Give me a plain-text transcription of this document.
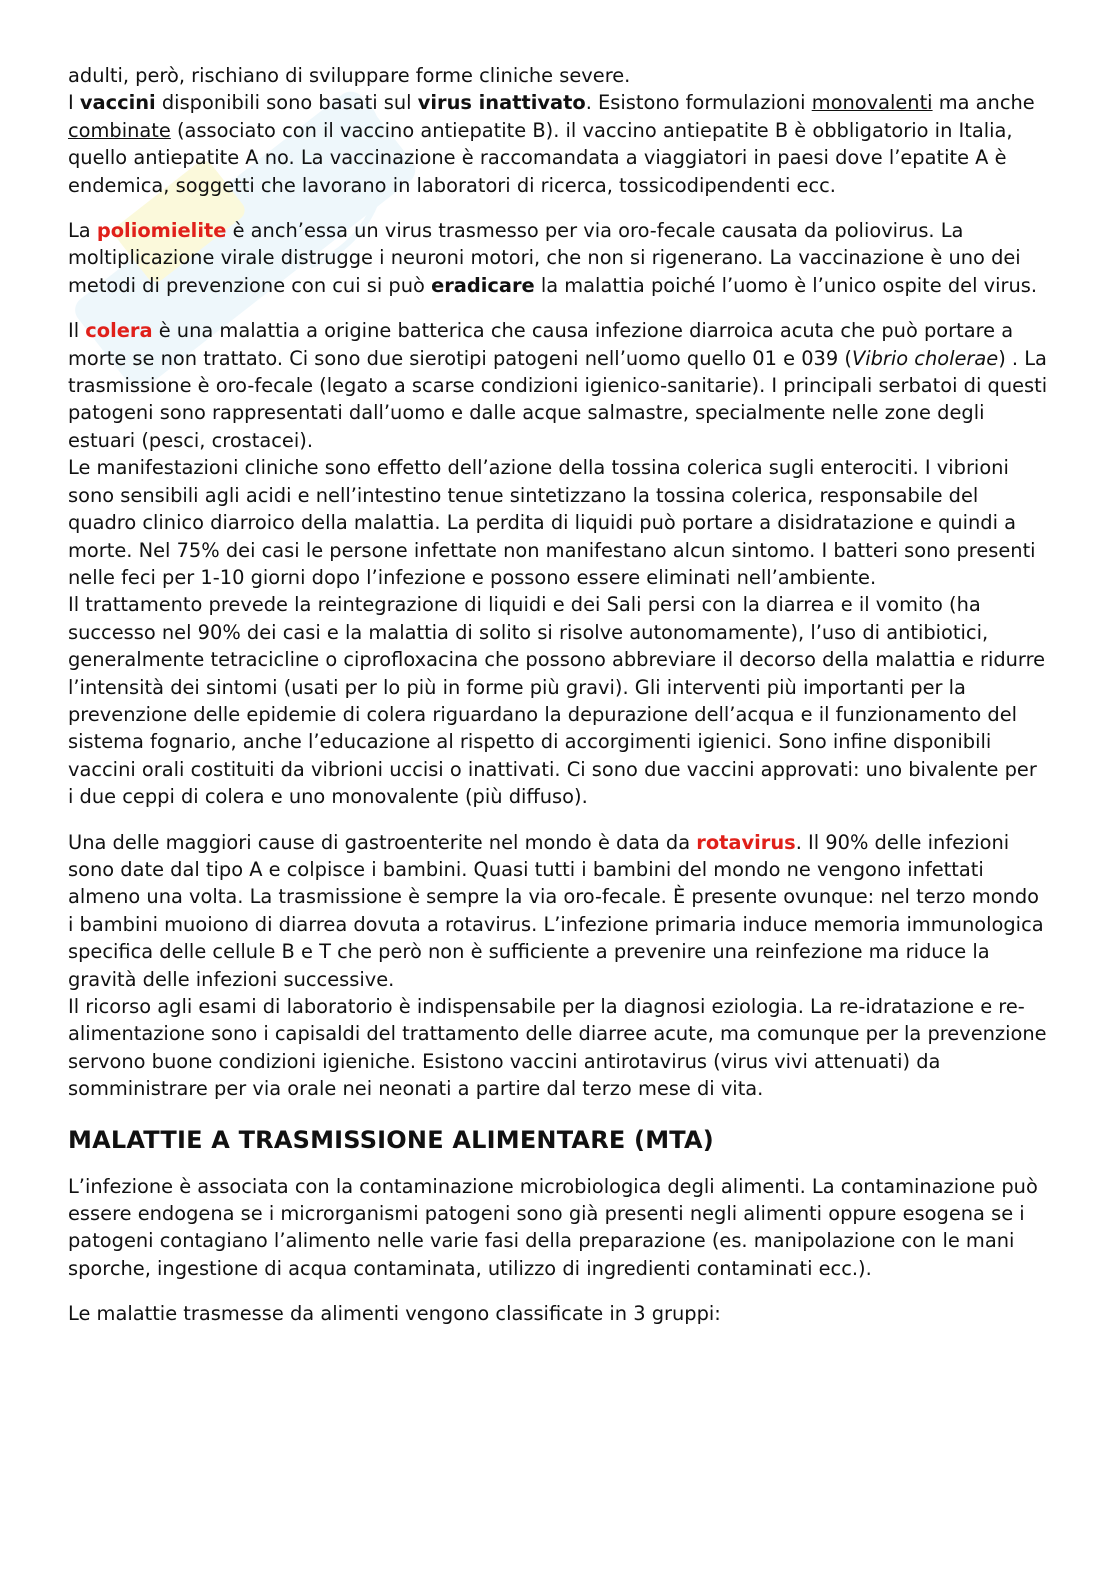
adulti, però, rischiano di sviluppare forme cliniche severe.

I vaccini disponibili sono basati sul virus inattivato. Esistono formulazioni monovalenti ma anche combinate (associato con il vaccino antiepatite B). il vaccino antiepatite B è obbligatorio in Italia, quello antiepatite A no. La vaccinazione è raccomandata a viaggiatori in paesi dove l’epatite A è endemica, soggetti che lavorano in laboratori di ricerca, tossicodipendenti ecc.

La poliomielite è anch’essa un virus trasmesso per via oro-fecale causata da poliovirus. La moltiplicazione virale distrugge i neuroni motori, che non si rigenerano. La vaccinazione è uno dei metodi di prevenzione con cui si può eradicare la malattia poiché l’uomo è l’unico ospite del virus.

Il colera è una malattia a origine batterica che causa infezione diarroica acuta che può portare a morte se non trattato. Ci sono due sierotipi patogeni nell’uomo quello 01 e 039 (Vibrio cholerae) . La trasmissione è oro-fecale (legato a scarse condizioni igienico-sanitarie). I principali serbatoi di questi patogeni sono rappresentati dall’uomo e dalle acque salmastre, specialmente nelle zone degli estuari (pesci, crostacei).

Le manifestazioni cliniche sono effetto dell’azione della tossina colerica sugli enterociti. I vibrioni sono sensibili agli acidi e nell’intestino tenue sintetizzano la tossina colerica, responsabile del quadro clinico diarroico della malattia. La perdita di liquidi può portare a disidratazione e quindi a morte. Nel 75% dei casi le persone infettate non manifestano alcun sintomo. I batteri sono presenti nelle feci per 1-10 giorni dopo l’infezione e possono essere eliminati nell’ambiente.

Il trattamento prevede la reintegrazione di liquidi e dei Sali persi con la diarrea e il vomito (ha successo nel 90% dei casi e la malattia di solito si risolve autonomamente), l’uso di antibiotici, generalmente tetracicline o ciprofloxacina che possono abbreviare il decorso della malattia e ridurre l’intensità dei sintomi (usati per lo più in forme più gravi). Gli interventi più importanti per la prevenzione delle epidemie di colera riguardano la depurazione dell’acqua e il funzionamento del sistema fognario, anche l’educazione al rispetto di accorgimenti igienici. Sono infine disponibili vaccini orali costituiti da vibrioni uccisi o inattivati. Ci sono due vaccini approvati: uno bivalente per i due ceppi di colera e uno monovalente (più diffuso).

Una delle maggiori cause di gastroenterite nel mondo è data da rotavirus. Il 90% delle infezioni sono date dal tipo A e colpisce i bambini. Quasi tutti i bambini del mondo ne vengono infettati almeno una volta. La trasmissione è sempre la via oro-fecale. È presente ovunque: nel terzo mondo i bambini muoiono di diarrea dovuta a rotavirus. L’infezione primaria induce memoria immunologica specifica delle cellule B e T che però non è sufficiente a prevenire una reinfezione ma riduce la gravità delle infezioni successive.

Il ricorso agli esami di laboratorio è indispensabile per la diagnosi eziologia. La re-idratazione e re-alimentazione sono i capisaldi del trattamento delle diarree acute, ma comunque per la prevenzione servono buone condizioni igieniche. Esistono vaccini antirotavirus (virus vivi attenuati) da somministrare per via orale nei neonati a partire dal terzo mese di vita.

MALATTIE A TRASMISSIONE ALIMENTARE (MTA)

L’infezione è associata con la contaminazione microbiologica degli alimenti. La contaminazione può essere endogena se i microrganismi patogeni sono già presenti negli alimenti oppure esogena se i patogeni contagiano l’alimento nelle varie fasi della preparazione (es. manipolazione con le mani sporche, ingestione di acqua contaminata, utilizzo di ingredienti contaminati ecc.).

Le malattie trasmesse da alimenti vengono classificate in 3 gruppi:
